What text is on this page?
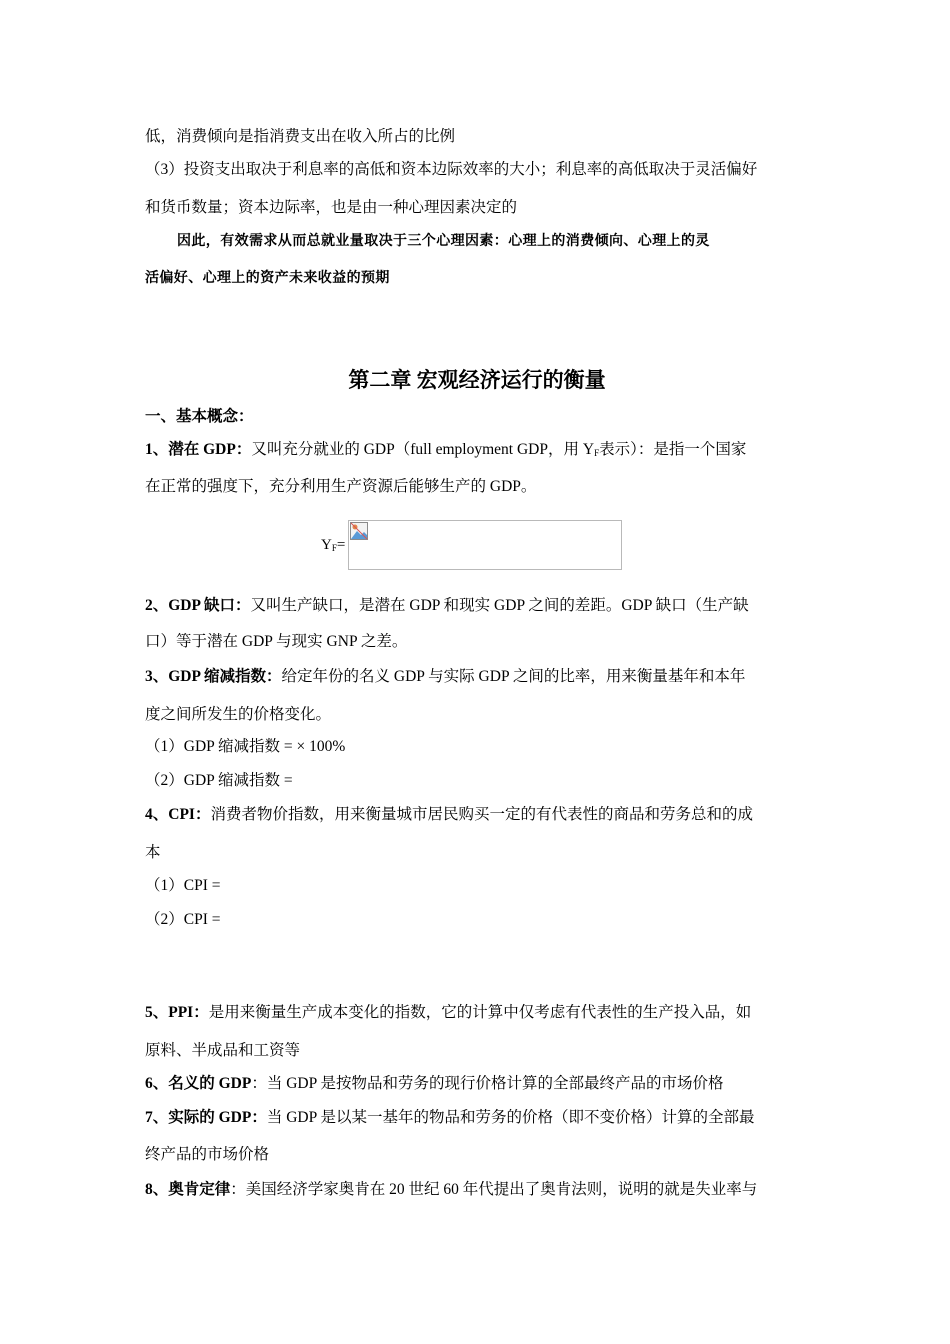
低，消费倾向是指消费支出在收入所占的比例
（3）投资支出取决于利息率的高低和资本边际效率的大小；利息率的高低取决于灵活偏好
和货币数量；资本边际率，也是由一种心理因素决定的
因此，有效需求从而总就业量取决于三个心理因素：心理上的消费倾向、心理上的灵
活偏好、心理上的资产未来收益的预期
第二章 宏观经济运行的衡量
一、基本概念：
1、潜在 GDP：又叫充分就业的 GDP（full employment GDP，用 $Y_F$表示）：是指一个国家
在正常的强度下，充分利用生产资源后能够生产的 GDP。
$Y_F=$
2、GDP 缺口：又叫生产缺口，是潜在 GDP 和现实 GDP 之间的差距。GDP 缺口（生产缺
口）等于潜在 GDP 与现实 GNP 之差。
3、GDP 缩减指数：给定年份的名义 GDP 与实际 GDP 之间的比率，用来衡量基年和本年
度之间所发生的价格变化。
（1）GDP 缩减指数 = × 100%
（2）GDP 缩减指数 =
4、CPI：消费者物价指数，用来衡量城市居民购买一定的有代表性的商品和劳务总和的成
本
（1）CPI =
（2）CPI =
5、PPI：是用来衡量生产成本变化的指数，它的计算中仅考虑有代表性的生产投入品，如
原料、半成品和工资等
6、名义的 GDP：当 GDP 是按物品和劳务的现行价格计算的全部最终产品的市场价格
7、实际的 GDP：当 GDP 是以某一基年的物品和劳务的价格（即不变价格）计算的全部最
终产品的市场价格
8、奥肯定律：美国经济学家奥肯在 20 世纪 60 年代提出了奥肯法则，说明的就是失业率与
